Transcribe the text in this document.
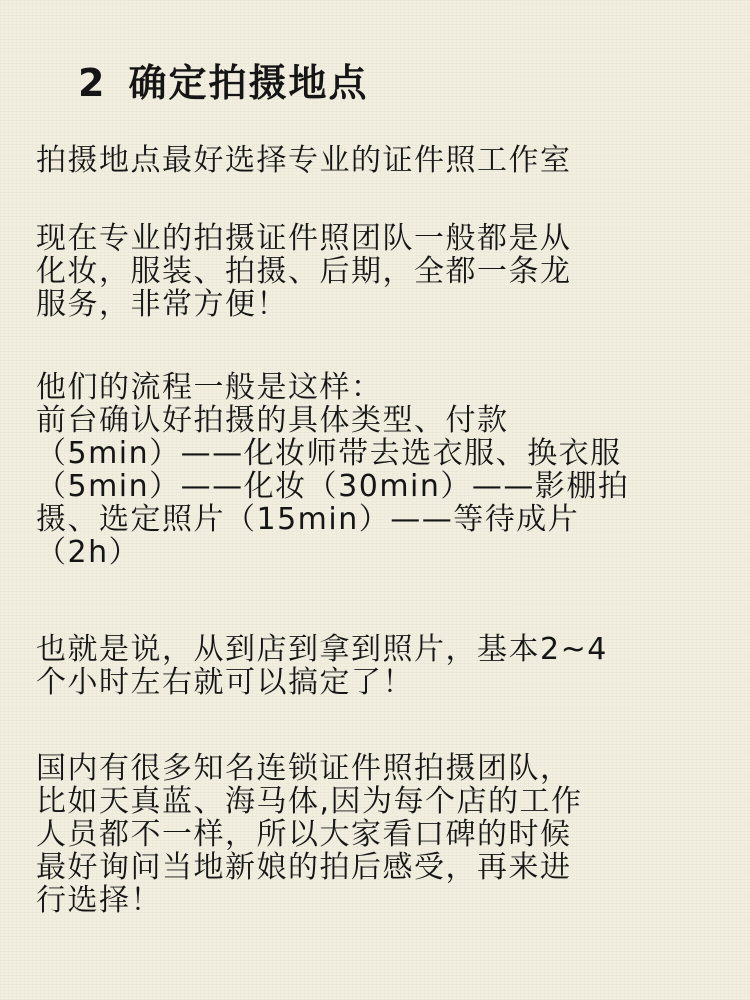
2 确定拍摄地点

拍摄地点最好选择专业的证件照工作室

现在专业的拍摄证件照团队一般都是从
化妆，服装、拍摄、后期，全都一条龙
服务，非常方便！

他们的流程一般是这样：
前台确认好拍摄的具体类型、付款
（5min）——化妆师带去选衣服、换衣服
（5min）——化妆（30min）——影棚拍
摄、选定照片（15min）——等待成片
（2h）

也就是说，从到店到拿到照片，基本2~4
个小时左右就可以搞定了！

国内有很多知名连锁证件照拍摄团队，
比如天真蓝、海马体,因为每个店的工作
人员都不一样，所以大家看口碑的时候
最好询问当地新娘的拍后感受，再来进
行选择！
